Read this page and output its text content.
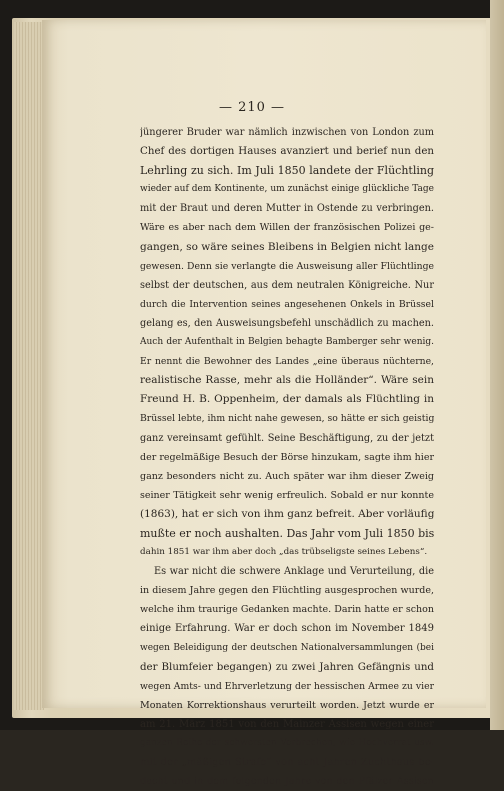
— 210 —
jüngerer Bruder war nämlich inzwischen von London zum
Chef des dortigen Hauses avanziert und berief nun den
Lehrling zu sich. Im Juli 1850 landete der Flüchtling
wieder auf dem Kontinente, um zunächst einige glückliche Tage
mit der Braut und deren Mutter in Ostende zu verbringen.
Wäre es aber nach dem Willen der französischen Polizei ge-
gangen, so wäre seines Bleibens in Belgien nicht lange
gewesen. Denn sie verlangte die Ausweisung aller Flüchtlinge
selbst der deutschen, aus dem neutralen Königreiche. Nur
durch die Intervention seines angesehenen Onkels in Brüssel
gelang es, den Ausweisungsbefehl unschädlich zu machen.
Auch der Aufenthalt in Belgien behagte Bamberger sehr wenig.
Er nennt die Bewohner des Landes „eine überaus nüchterne,
realistische Rasse, mehr als die Holländer“. Wäre sein
Freund H. B. Oppenheim, der damals als Flüchtling in
Brüssel lebte, ihm nicht nahe gewesen, so hätte er sich geistig
ganz vereinsamt gefühlt. Seine Beschäftigung, zu der jetzt
der regelmäßige Besuch der Börse hinzukam, sagte ihm hier
ganz besonders nicht zu. Auch später war ihm dieser Zweig
seiner Tätigkeit sehr wenig erfreulich. Sobald er nur konnte
(1863), hat er sich von ihm ganz befreit. Aber vorläufig
mußte er noch aushalten. Das Jahr vom Juli 1850 bis
dahin 1851 war ihm aber doch „das trübseligste seines Lebens“.
Es war nicht die schwere Anklage und Verurteilung, die
in diesem Jahre gegen den Flüchtling ausgesprochen wurde,
welche ihm traurige Gedanken machte. Darin hatte er schon
einige Erfahrung. War er doch schon im November 1849
wegen Beleidigung der deutschen Nationalversammlungen (bei
der Blumfeier begangen) zu zwei Jahren Gefängnis und
wegen Amts- und Ehrverletzung der hessischen Armee zu vier
Monaten Korrektionshaus verurteilt worden. Jetzt wurde er
am 21. März 1851 von den Mainzer Assisen wegen einer
ganzen Reihe der schwersten Verbrechen, wie Hochverrat usw.
mit der „mäßigen Strafe“ von acht Jahren Zuchthaus be-
dacht und in dem folgenden Jahre von den Pfälzer Assisen
